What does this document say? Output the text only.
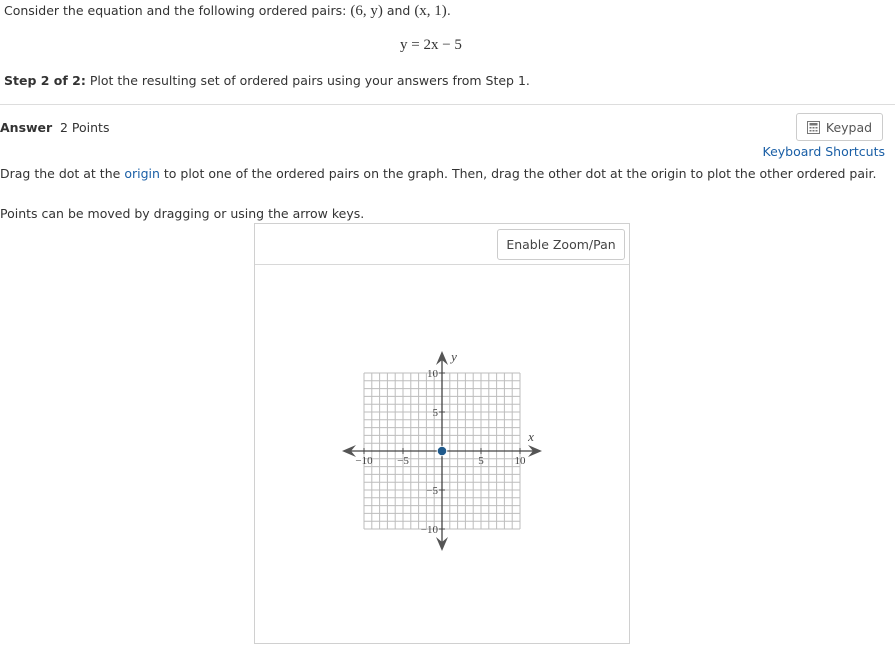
Consider the equation and the following ordered pairs: (6, y) and (x, 1).
y = 2x − 5
Step 2 of 2: Plot the resulting set of ordered pairs using your answers from Step 1.
Answer 2 Points	Keypad
Keyboard Shortcuts
Drag the dot at the origin to plot one of the ordered pairs on the graph. Then, drag the other dot at the origin to plot the other ordered pair.
Points can be moved by dragging or using the arrow keys.
Enable Zoom/Pan
−10 −5	5	10
10
5
−5
−10
x
y
